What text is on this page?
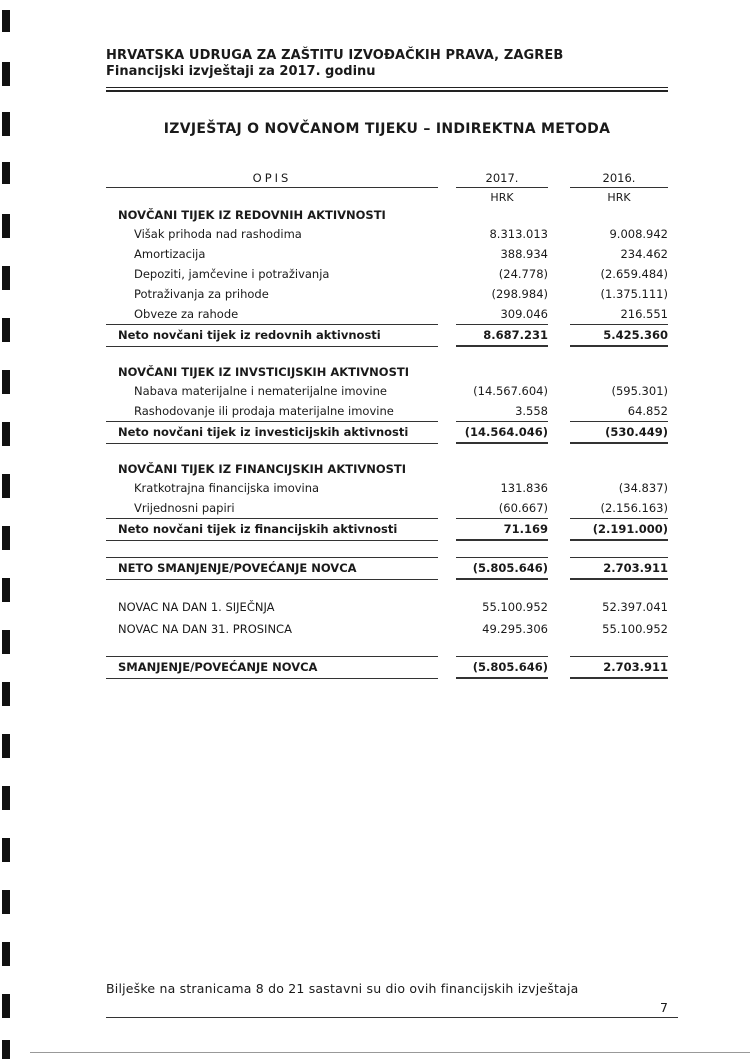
HRVATSKA UDRUGA ZA ZAŠTITU IZVOĐAČKIH PRAVA, ZAGREB
Financijski izvještaji za 2017. godinu
IZVJEŠTAJ O NOVČANOM TIJEKU – INDIREKTNA METODA
OPIS		2017.		2016.
		HRK		HRK
NOVČANI TIJEK IZ REDOVNIH AKTIVNOSTI				
Višak prihoda nad rashodima		8.313.013		9.008.942
Amortizacija		388.934		234.462
Depoziti, jamčevine i potraživanja		(24.778)		(2.659.484)
Potraživanja za prihode		(298.984)		(1.375.111)
Obveze za rahode		309.046		216.551
Neto novčani tijek iz redovnih aktivnosti		8.687.231		5.425.360

NOVČANI TIJEK IZ INVSTICIJSKIH AKTIVNOSTI				
Nabava materijalne i nematerijalne imovine		(14.567.604)		(595.301)
Rashodovanje ili prodaja materijalne imovine		3.558		64.852
Neto novčani tijek iz investicijskih aktivnosti		(14.564.046)		(530.449)

NOVČANI TIJEK IZ FINANCIJSKIH AKTIVNOSTI				
Kratkotrajna financijska imovina		131.836		(34.837)
Vrijednosni papiri		(60.667)		(2.156.163)
Neto novčani tijek iz financijskih aktivnosti		71.169		(2.191.000)

NETO SMANJENJE/POVEĆANJE NOVCA		(5.805.646)		2.703.911

NOVAC NA DAN 1. SIJEČNJA		55.100.952		52.397.041
NOVAC NA DAN 31. PROSINCA		49.295.306		55.100.952

SMANJENJE/POVEĆANJE NOVCA		(5.805.646)		2.703.911
Bilješke na stranicama 8 do 21 sastavni su dio ovih financijskih izvještaja
7
